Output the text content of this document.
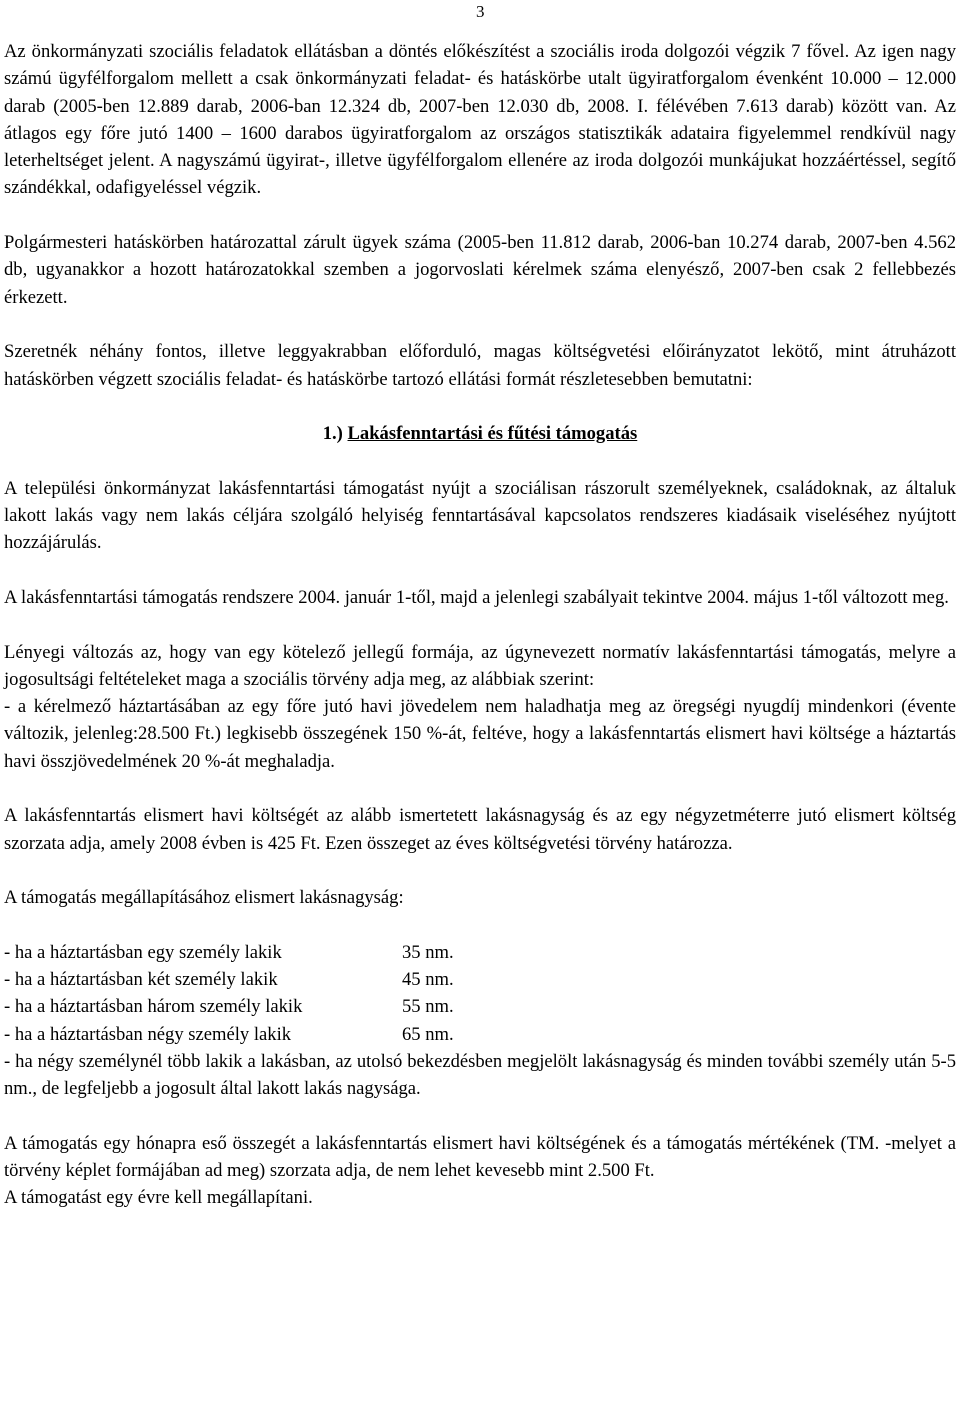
3

Az önkormányzati szociális feladatok ellátásban a döntés előkészítést a szociális iroda dolgozói végzik 7 fővel. Az igen nagy számú ügyfélforgalom mellett a csak önkormányzati feladat- és hatáskörbe utalt ügyiratforgalom évenként 10.000 – 12.000 darab (2005-ben 12.889 darab, 2006-ban 12.324 db, 2007-ben 12.030 db, 2008. I. félévében 7.613 darab) között van. Az átlagos egy főre jutó 1400 – 1600 darabos ügyiratforgalom az országos statisztikák adataira figyelemmel rendkívül nagy leterheltséget jelent. A nagyszámú ügyirat-, illetve ügyfélforgalom ellenére az iroda dolgozói munkájukat hozzáértéssel, segítő szándékkal, odafigyeléssel végzik.

Polgármesteri hatáskörben határozattal zárult ügyek száma (2005-ben 11.812 darab, 2006-ban 10.274 darab, 2007-ben 4.562 db, ugyanakkor a hozott határozatokkal szemben a jogorvoslati kérelmek száma elenyésző, 2007-ben csak 2 fellebbezés érkezett.

Szeretnék néhány fontos, illetve leggyakrabban előforduló, magas költségvetési előirányzatot lekötő, mint átruházott hatáskörben végzett szociális feladat- és hatáskörbe tartozó ellátási formát részletesebben bemutatni:

1.) Lakásfenntartási és fűtési támogatás

A települési önkormányzat lakásfenntartási támogatást nyújt a szociálisan rászorult személyeknek, családoknak, az általuk lakott lakás vagy nem lakás céljára szolgáló helyiség fenntartásával kapcsolatos rendszeres kiadásaik viseléséhez nyújtott hozzájárulás.

A lakásfenntartási támogatás rendszere 2004. január 1-től, majd a jelenlegi szabályait tekintve 2004. május 1-től változott meg.

Lényegi változás az, hogy van egy kötelező jellegű formája, az úgynevezett normatív lakásfenntartási támogatás, melyre a jogosultsági feltételeket maga a szociális törvény adja meg, az alábbiak szerint:

- a kérelmező háztartásában az egy főre jutó havi jövedelem nem haladhatja meg az öregségi nyugdíj mindenkori (évente változik, jelenleg:28.500 Ft.) legkisebb összegének 150 %-át, feltéve, hogy a lakásfenntartás elismert havi költsége a háztartás havi összjövedelmének 20 %-át meghaladja.

A lakásfenntartás elismert havi költségét az alább ismertetett lakásnagyság és az egy négyzetméterre jutó elismert költség szorzata adja, amely 2008 évben is 425 Ft. Ezen összeget az éves költségvetési törvény határozza.

A támogatás megállapításához elismert lakásnagyság:

- ha a háztartásban egy személy lakik	35 nm.
- ha a háztartásban két személy lakik	45 nm.
- ha a háztartásban három személy lakik	55 nm.
- ha a háztartásban négy személy lakik	65 nm.

- ha négy személynél több lakik a lakásban, az utolsó bekezdésben megjelölt lakásnagyság és minden további személy után 5-5 nm., de legfeljebb a jogosult által lakott lakás nagysága.

A támogatás egy hónapra eső összegét a lakásfenntartás elismert havi költségének és a támogatás mértékének (TM. -melyet a törvény képlet formájában ad meg) szorzata adja, de nem lehet kevesebb mint 2.500 Ft.

A támogatást egy évre kell megállapítani.
